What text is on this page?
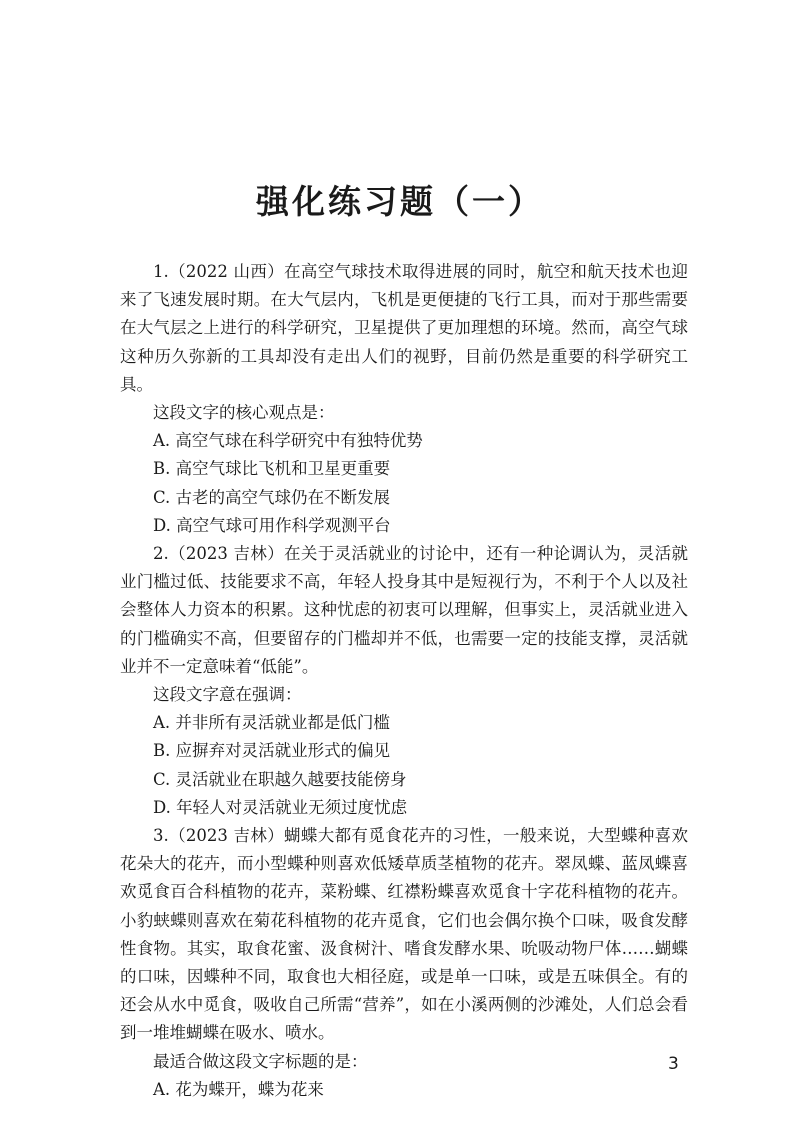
强化练习题（一）

1.（2022 山西）在高空气球技术取得进展的同时，航空和航天技术也迎来了飞速发展时期。在大气层内，飞机是更便捷的飞行工具，而对于那些需要在大气层之上进行的科学研究，卫星提供了更加理想的环境。然而，高空气球这种历久弥新的工具却没有走出人们的视野，目前仍然是重要的科学研究工具。

这段文字的核心观点是：

A. 高空气球在科学研究中有独特优势

B. 高空气球比飞机和卫星更重要

C. 古老的高空气球仍在不断发展

D. 高空气球可用作科学观测平台

2.（2023 吉林）在关于灵活就业的讨论中，还有一种论调认为，灵活就业门槛过低、技能要求不高，年轻人投身其中是短视行为，不利于个人以及社会整体人力资本的积累。这种忧虑的初衷可以理解，但事实上，灵活就业进入的门槛确实不高，但要留存的门槛却并不低，也需要一定的技能支撑，灵活就业并不一定意味着“低能”。

这段文字意在强调：

A. 并非所有灵活就业都是低门槛

B. 应摒弃对灵活就业形式的偏见

C. 灵活就业在职越久越要技能傍身

D. 年轻人对灵活就业无须过度忧虑

3.（2023 吉林）蝴蝶大都有觅食花卉的习性，一般来说，大型蝶种喜欢花朵大的花卉，而小型蝶种则喜欢低矮草质茎植物的花卉。翠凤蝶、蓝凤蝶喜欢觅食百合科植物的花卉，菜粉蝶、红襟粉蝶喜欢觅食十字花科植物的花卉。小豹蛱蝶则喜欢在菊花科植物的花卉觅食，它们也会偶尔换个口味，吸食发酵性食物。其实，取食花蜜、汲食树汁、嗜食发酵水果、吮吸动物尸体……蝴蝶的口味，因蝶种不同，取食也大相径庭，或是单一口味，或是五味俱全。有的还会从水中觅食，吸收自己所需“营养”，如在小溪两侧的沙滩处，人们总会看到一堆堆蝴蝶在吸水、喷水。

最适合做这段文字标题的是：

A. 花为蝶开，蝶为花来

3
